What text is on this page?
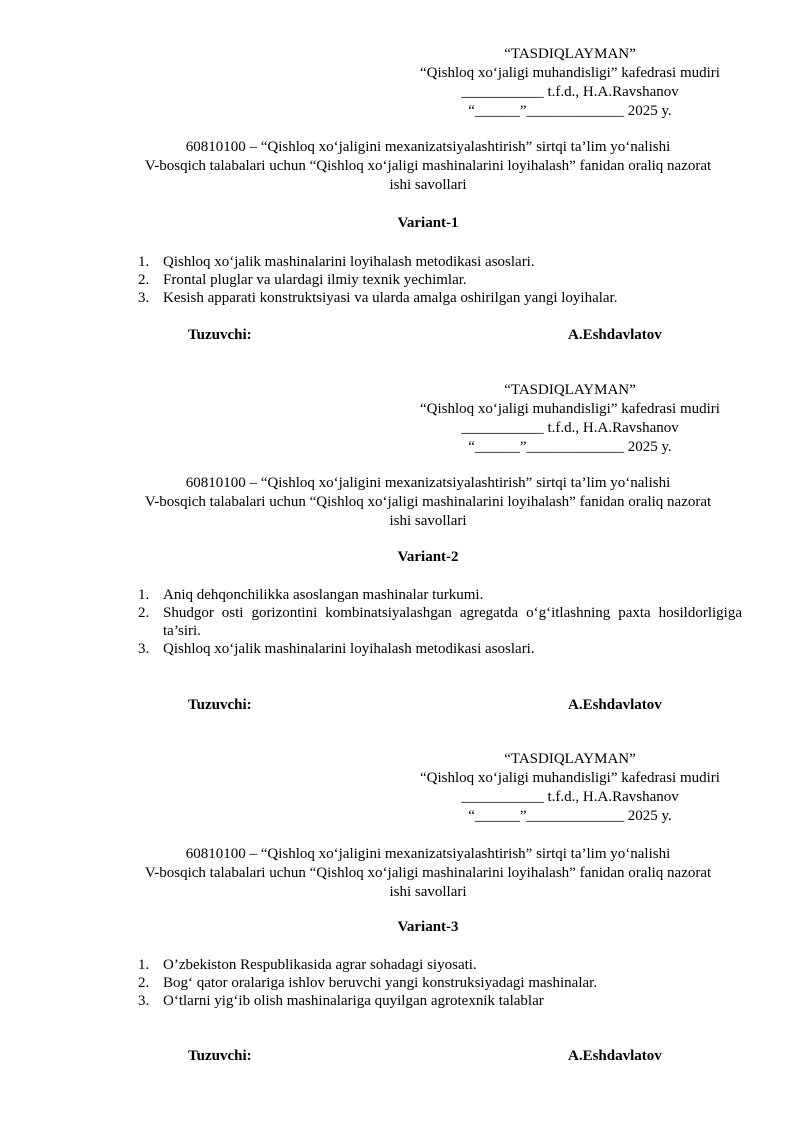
“TASDIQLAYMAN”
“Qishloq xo‘jaligi muhandisligi” kafedrasi mudiri
___________ t.f.d., H.A.Ravshanov
“______”_____________ 2025 y.
60810100 – “Qishloq xo‘jaligini mexanizatsiyalashtirish” sirtqi ta’lim yo‘nalishi
V-bosqich talabalari uchun “Qishloq xo‘jaligi mashinalarini loyihalash” fanidan oraliq nazorat
ishi savollari
Variant-1
1. Qishloq xo‘jalik mashinalarini loyihalash metodikasi asoslari.
2. Frontal pluglar va ulardagi ilmiy texnik yechimlar.
3. Kesish apparati konstruktsiyasi va ularda amalga oshirilgan yangi loyihalar.
Tuzuvchi:	A.Eshdavlatov
“TASDIQLAYMAN”
“Qishloq xo‘jaligi muhandisligi” kafedrasi mudiri
___________ t.f.d., H.A.Ravshanov
“______”_____________ 2025 y.
60810100 – “Qishloq xo‘jaligini mexanizatsiyalashtirish” sirtqi ta’lim yo‘nalishi
V-bosqich talabalari uchun “Qishloq xo‘jaligi mashinalarini loyihalash” fanidan oraliq nazorat
ishi savollari
Variant-2
1. Aniq dehqonchilikka asoslangan mashinalar turkumi.
2. Shudgor osti gorizontini kombinatsiyalashgan agregatda o‘g‘itlashning paxta hosildorligiga ta’siri.
3. Qishloq xo‘jalik mashinalarini loyihalash metodikasi asoslari.
Tuzuvchi:	A.Eshdavlatov
“TASDIQLAYMAN”
“Qishloq xo‘jaligi muhandisligi” kafedrasi mudiri
___________ t.f.d., H.A.Ravshanov
“______”_____________ 2025 y.
60810100 – “Qishloq xo‘jaligini mexanizatsiyalashtirish” sirtqi ta’lim yo‘nalishi
V-bosqich talabalari uchun “Qishloq xo‘jaligi mashinalarini loyihalash” fanidan oraliq nazorat
ishi savollari
Variant-3
1. O’zbekiston Respublikasida agrar sohadagi siyosati.
2. Bog‘ qator oralariga ishlov beruvchi yangi konstruksiyadagi mashinalar.
3. O‘tlarni yig‘ib olish mashinalariga quyilgan agrotexnik talablar
Tuzuvchi:	A.Eshdavlatov
